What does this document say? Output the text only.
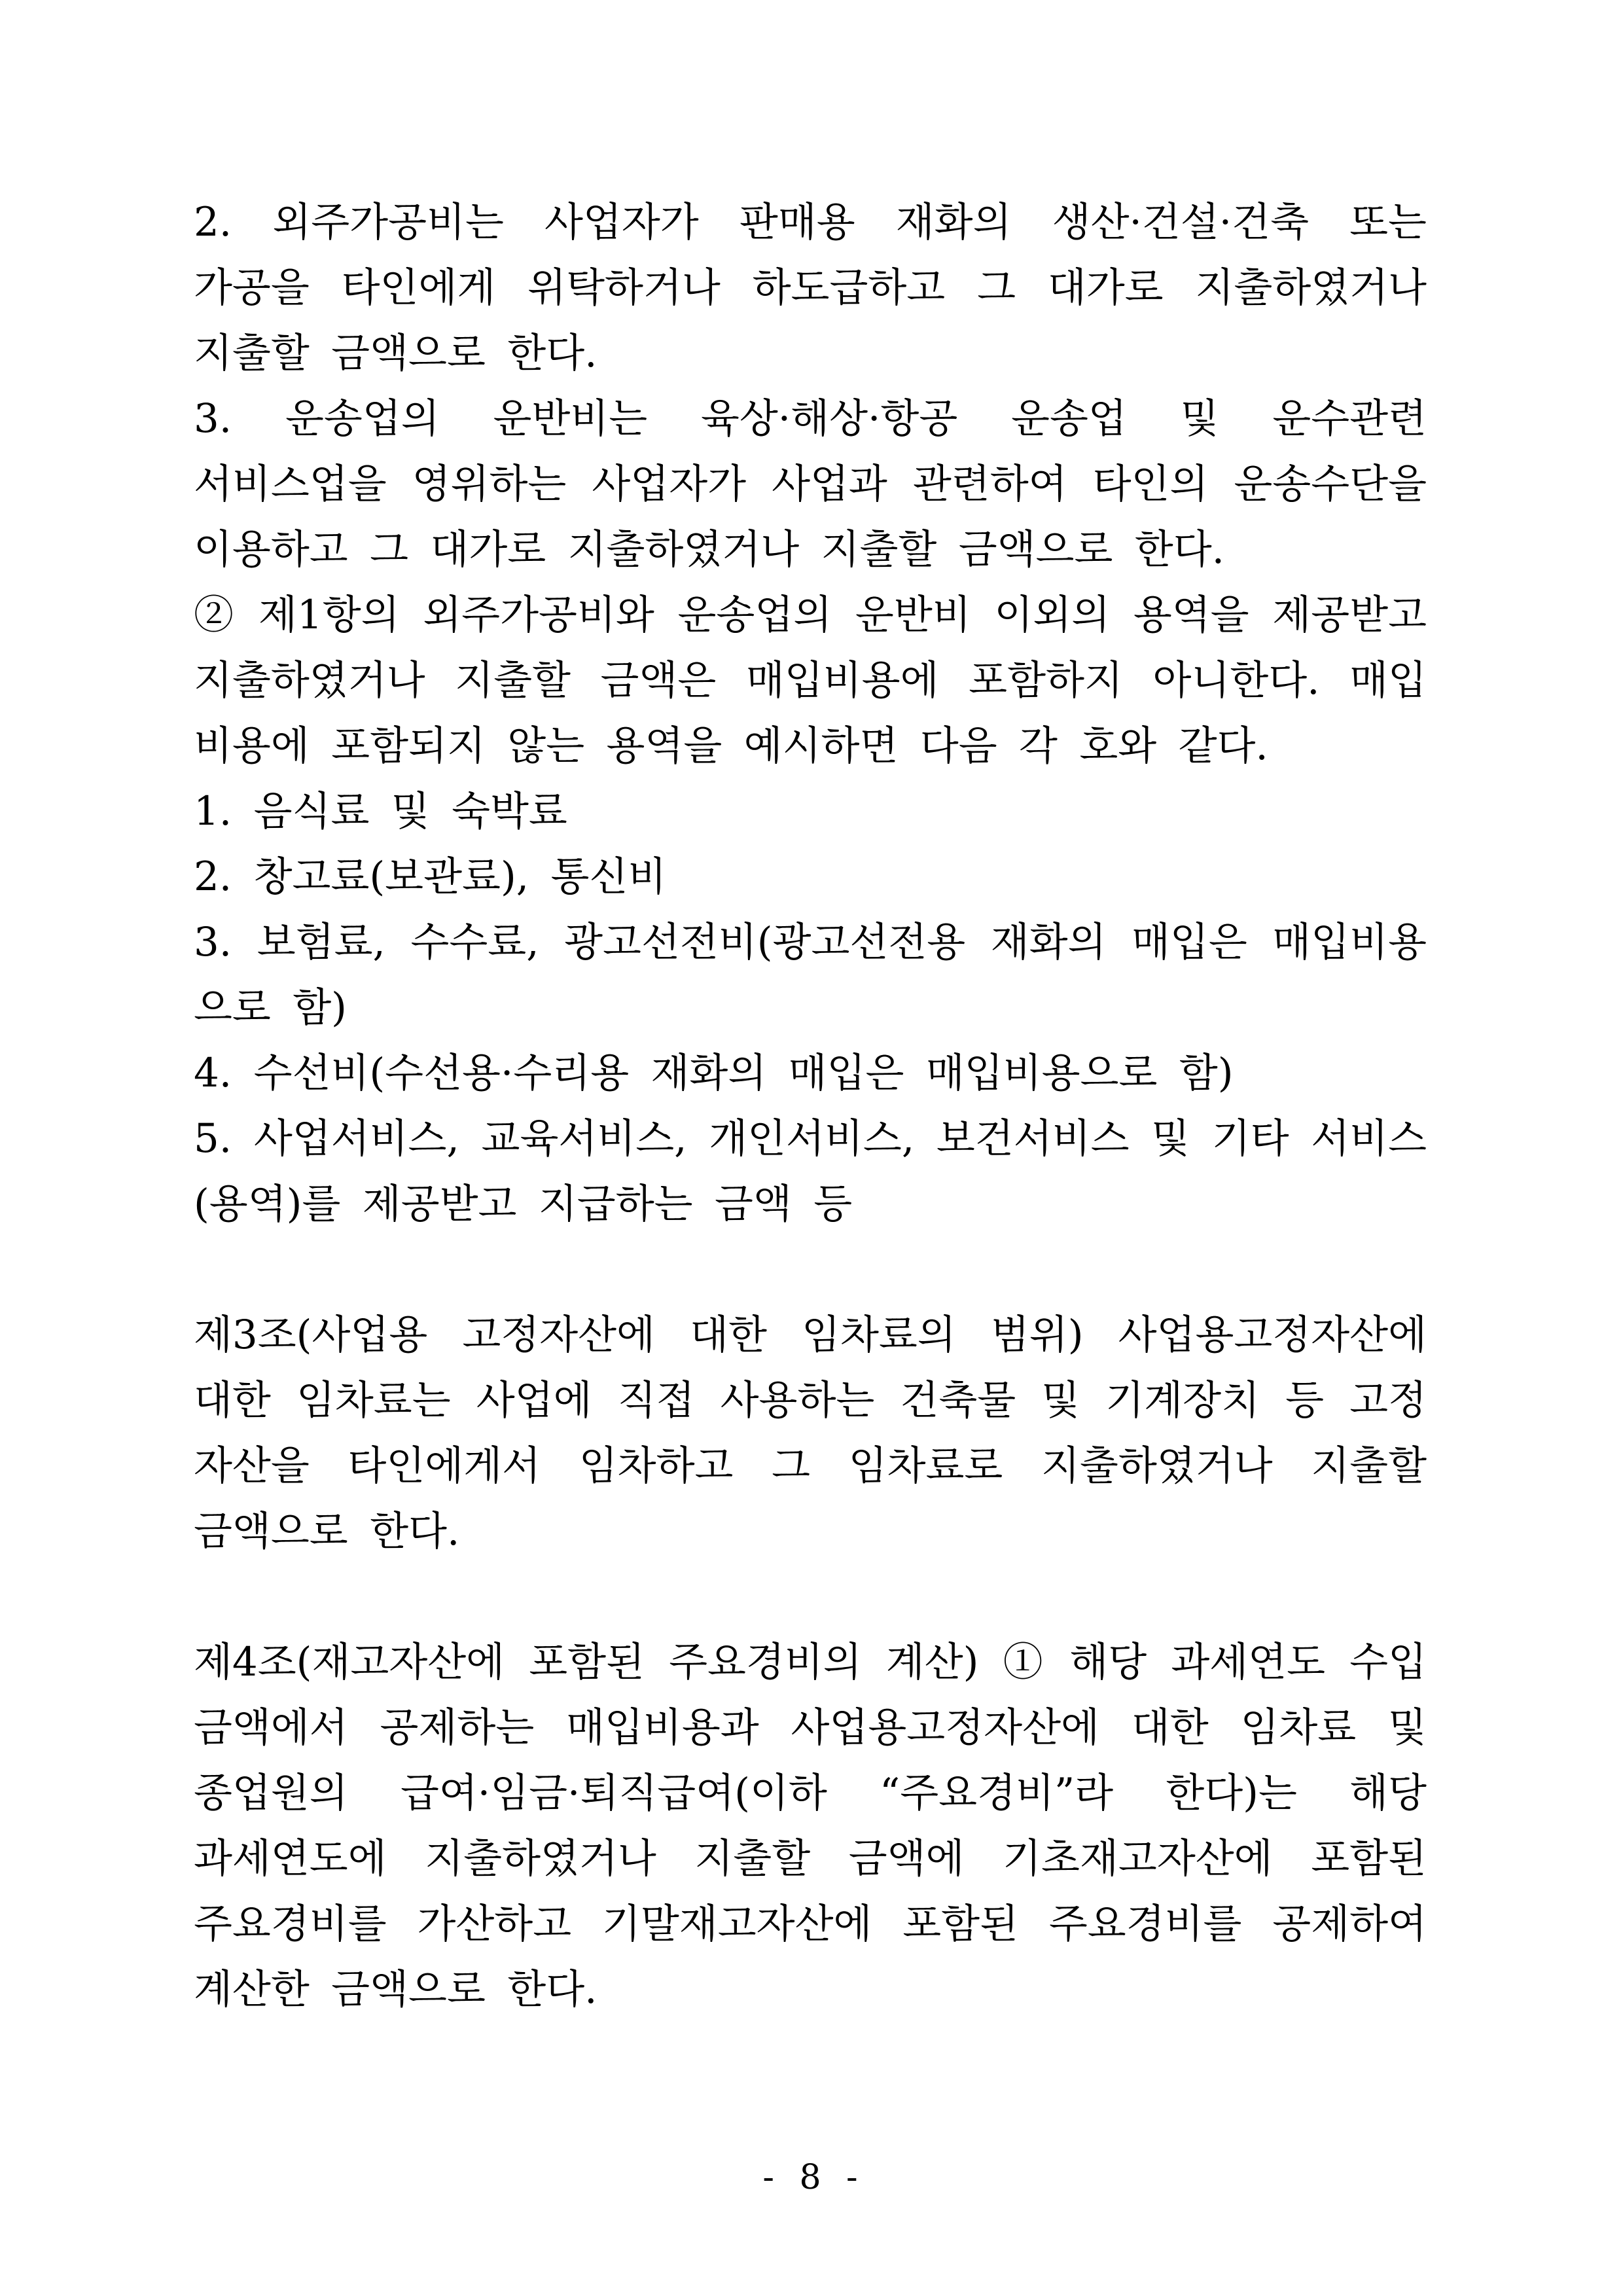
2. 외주가공비는 사업자가 판매용 재화의 생산·건설·건축 또는
가공을 타인에게 위탁하거나 하도급하고 그 대가로 지출하였거나
지출할 금액으로 한다.
3. 운송업의 운반비는 육상·해상·항공 운송업 및 운수관련
서비스업을 영위하는 사업자가 사업과 관련하여 타인의 운송수단을
이용하고 그 대가로 지출하였거나 지출할 금액으로 한다.
② 제1항의 외주가공비와 운송업의 운반비 이외의 용역을 제공받고
지출하였거나 지출할 금액은 매입비용에 포함하지 아니한다. 매입
비용에 포함되지 않는 용역을 예시하면 다음 각 호와 같다.
1. 음식료 및 숙박료
2. 창고료(보관료), 통신비
3. 보험료, 수수료, 광고선전비(광고선전용 재화의 매입은 매입비용
으로 함)
4. 수선비(수선용·수리용 재화의 매입은 매입비용으로 함)
5. 사업서비스, 교육서비스, 개인서비스, 보건서비스 및 기타 서비스
(용역)를 제공받고 지급하는 금액 등
제3조(사업용 고정자산에 대한 임차료의 범위) 사업용고정자산에
대한 임차료는 사업에 직접 사용하는 건축물 및 기계장치 등 고정
자산을 타인에게서 임차하고 그 임차료로 지출하였거나 지출할
금액으로 한다.
제4조(재고자산에 포함된 주요경비의 계산) ① 해당 과세연도 수입
금액에서 공제하는 매입비용과 사업용고정자산에 대한 임차료 및
종업원의 급여·임금·퇴직급여(이하 “주요경비”라 한다)는 해당
과세연도에 지출하였거나 지출할 금액에 기초재고자산에 포함된
주요경비를 가산하고 기말재고자산에 포함된 주요경비를 공제하여
계산한 금액으로 한다.
- 8 -
